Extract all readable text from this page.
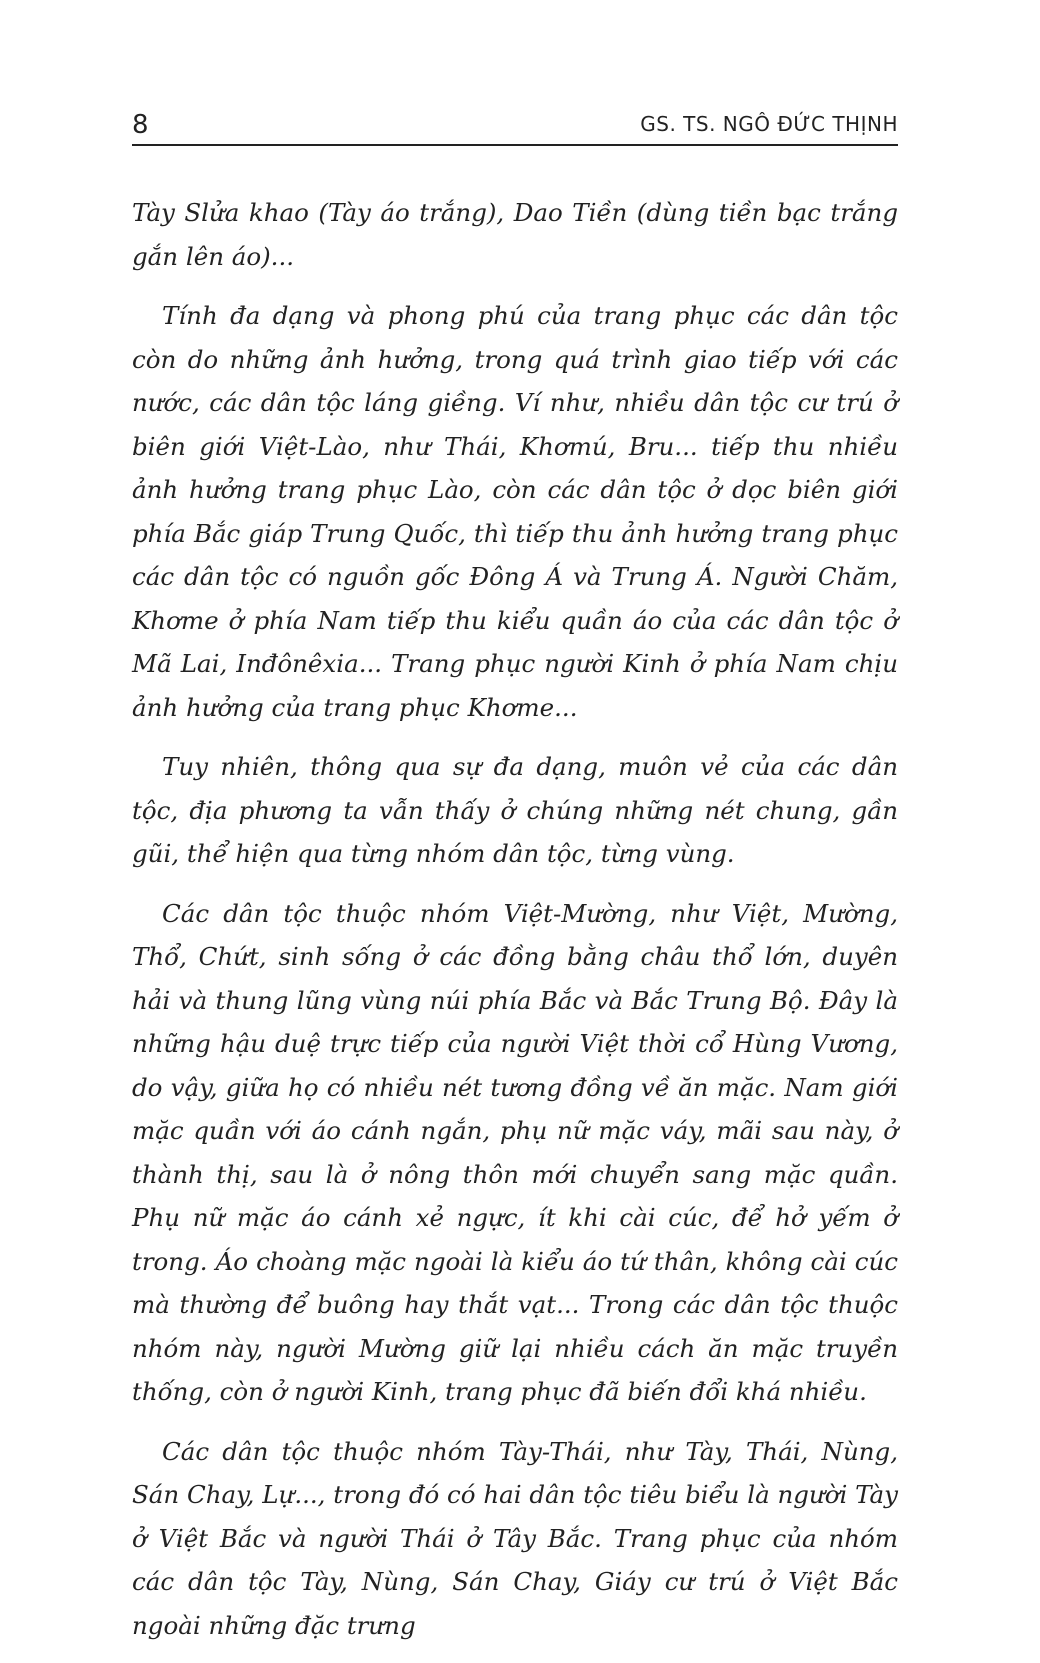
8	GS. TS. NGÔ ĐỨC THỊNH

Tày Slửa khao (Tày áo trắng), Dao Tiền (dùng tiền bạc trắng gắn lên áo)...

Tính đa dạng và phong phú của trang phục các dân tộc còn do những ảnh hưởng, trong quá trình giao tiếp với các nước, các dân tộc láng giềng. Ví như, nhiều dân tộc cư trú ở biên giới Việt-Lào, như Thái, Khơmú, Bru... tiếp thu nhiều ảnh hưởng trang phục Lào, còn các dân tộc ở dọc biên giới phía Bắc giáp Trung Quốc, thì tiếp thu ảnh hưởng trang phục các dân tộc có nguồn gốc Đông Á và Trung Á. Người Chăm, Khơme ở phía Nam tiếp thu kiểu quần áo của các dân tộc ở Mã Lai, Inđônêxia... Trang phục người Kinh ở phía Nam chịu ảnh hưởng của trang phục Khơme...

Tuy nhiên, thông qua sự đa dạng, muôn vẻ của các dân tộc, địa phương ta vẫn thấy ở chúng những nét chung, gần gũi, thể hiện qua từng nhóm dân tộc, từng vùng.

Các dân tộc thuộc nhóm Việt-Mường, như Việt, Mường, Thổ, Chứt, sinh sống ở các đồng bằng châu thổ lớn, duyên hải và thung lũng vùng núi phía Bắc và Bắc Trung Bộ. Đây là những hậu duệ trực tiếp của người Việt thời cổ Hùng Vương, do vậy, giữa họ có nhiều nét tương đồng về ăn mặc. Nam giới mặc quần với áo cánh ngắn, phụ nữ mặc váy, mãi sau này, ở thành thị, sau là ở nông thôn mới chuyển sang mặc quần. Phụ nữ mặc áo cánh xẻ ngực, ít khi cài cúc, để hở yếm ở trong. Áo choàng mặc ngoài là kiểu áo tứ thân, không cài cúc mà thường để buông hay thắt vạt... Trong các dân tộc thuộc nhóm này, người Mường giữ lại nhiều cách ăn mặc truyền thống, còn ở người Kinh, trang phục đã biến đổi khá nhiều.

Các dân tộc thuộc nhóm Tày-Thái, như Tày, Thái, Nùng, Sán Chay, Lự..., trong đó có hai dân tộc tiêu biểu là người Tày ở Việt Bắc và người Thái ở Tây Bắc. Trang phục của nhóm các dân tộc Tày, Nùng, Sán Chay, Giáy cư trú ở Việt Bắc ngoài những đặc trưng
